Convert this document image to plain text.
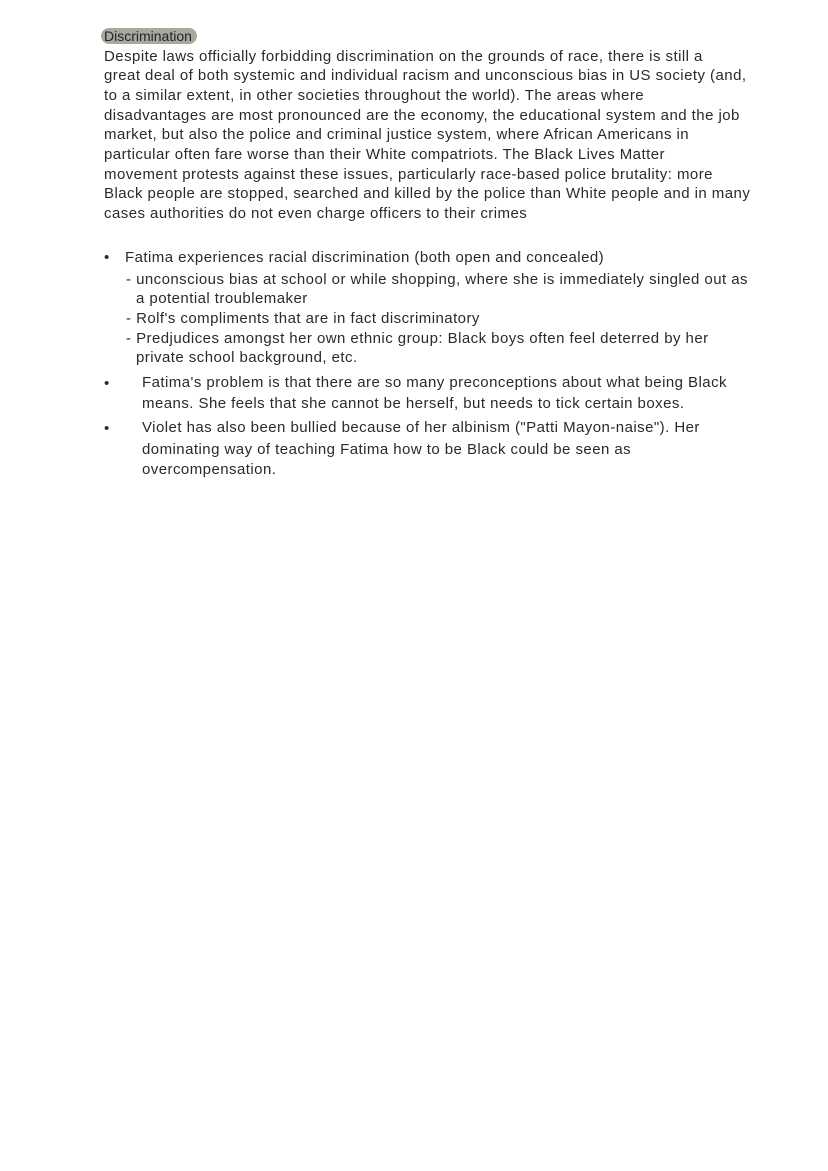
Discrimination
Despite laws officially forbidding discrimination on the grounds of race, there is still a
great deal of both systemic and individual racism and unconscious bias in US society (and,
to a similar extent, in other societies throughout the world). The areas where
disadvantages are most pronounced are the economy, the educational system and the job
market, but also the police and criminal justice system, where African Americans in
particular often fare worse than their White compatriots. The Black Lives Matter
movement protests against these issues, particularly race-based police brutality: more
Black people are stopped, searched and killed by the police than White people and in many
cases authorities do not even charge officers to their crimes
• Fatima experiences racial discrimination (both open and concealed)
- unconscious bias at school or while shopping, where she is immediately singled out as
a potential troublemaker
- Rolf's compliments that are in fact discriminatory
- Predjudices amongst her own ethnic group: Black boys often feel deterred by her
private school background, etc.
• Fatima's problem is that there are so many preconceptions about what being Black
means. She feels that she cannot be herself, but needs to tick certain boxes.
• Violet has also been bullied because of her albinism ("Patti Mayon-naise"). Her
dominating way of teaching Fatima how to be Black could be seen as
overcompensation.
